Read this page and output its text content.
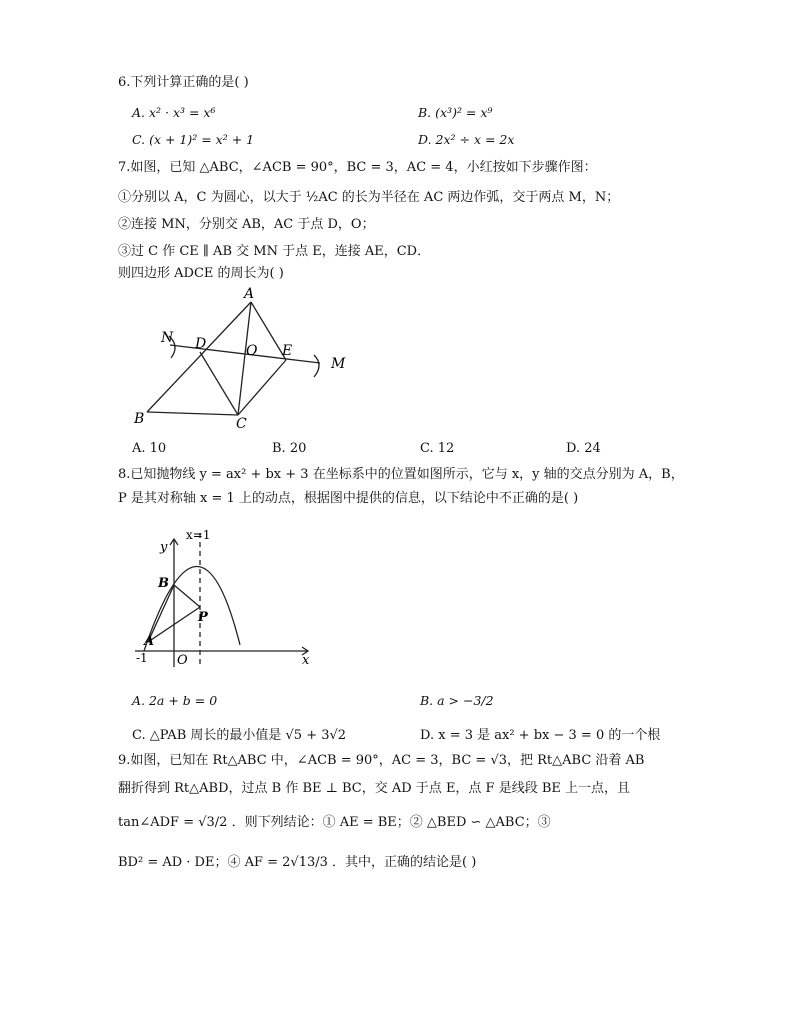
6.下列计算正确的是( )
A. x² · x³ = x⁶	B. (x³)² = x⁹
C. (x + 1)² = x² + 1	D. 2x² ÷ x = 2x
7.如图，已知 △ABC，∠ACB = 90°，BC = 3，AC = 4，小红按如下步骤作图：
①分别以 A，C 为圆心，以大于 ½AC 的长为半径在 AC 两边作弧，交于两点 M，N；
②连接 MN，分别交 AB，AC 于点 D，O；
③过 C 作 CE ∥ AB 交 MN 于点 E，连接 AE，CD．
则四边形 ADCE 的周长为( )
N D
A
O E
M
B	C
A. 10	B. 20	C. 12	D. 24
8.已知抛物线 y = ax² + bx + 3 在坐标系中的位置如图所示，它与 x，y 轴的交点分别为 A，B，
P 是其对称轴 x = 1 上的动点，根据图中提供的信息，以下结论中不正确的是( )
x=1
y
x
B
P
A
O
-1
A. 2a + b = 0	B. a > −3/2
C. △PAB 周长的最小值是 √5 + 3√2	D. x = 3 是 ax² + bx − 3 = 0 的一个根
9.如图，已知在 Rt△ABC 中，∠ACB = 90°，AC = 3，BC = √3，把 Rt△ABC 沿着 AB
翻折得到 Rt△ABD，过点 B 作 BE ⊥ BC，交 AD 于点 E，点 F 是线段 BE 上一点，且
tan∠ADF = √3/2 ．则下列结论：① AE = BE；② △BED ∽ △ABC；③
BD² = AD · DE；④ AF = 2√13/3 ．其中，正确的结论是( )
